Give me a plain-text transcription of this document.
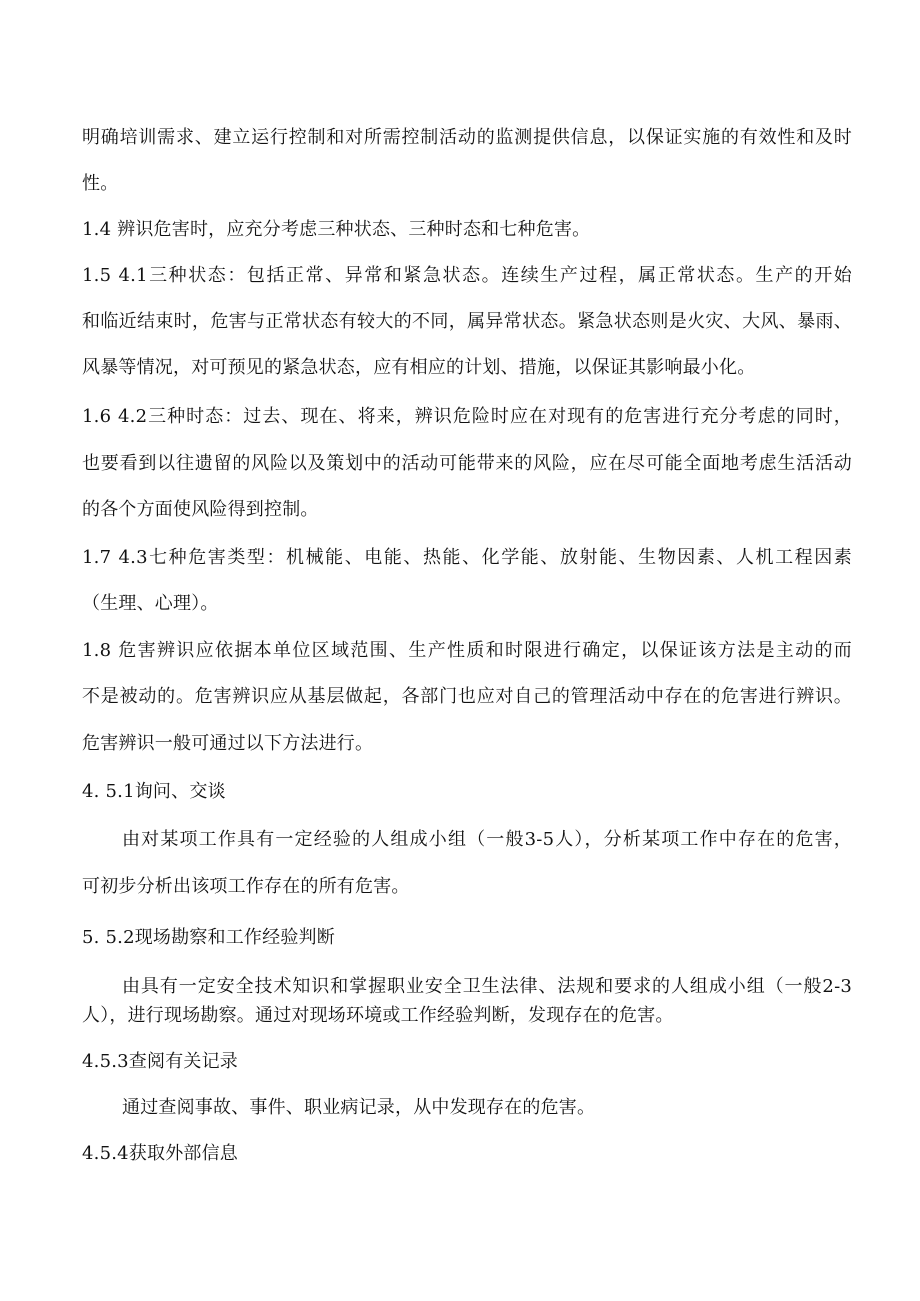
明确培训需求、建立运行控制和对所需控制活动的监测提供信息，以保证实施的有效性和及时
性。
1.4 辨识危害时，应充分考虑三种状态、三种时态和七种危害。
1.5 4.1三种状态：包括正常、异常和紧急状态。连续生产过程，属正常状态。生产的开始
和临近结束时，危害与正常状态有较大的不同，属异常状态。紧急状态则是火灾、大风、暴雨、
风暴等情况，对可预见的紧急状态，应有相应的计划、措施，以保证其影响最小化。
1.6 4.2三种时态：过去、现在、将来，辨识危险时应在对现有的危害进行充分考虑的同时，
也要看到以往遗留的风险以及策划中的活动可能带来的风险，应在尽可能全面地考虑生活活动
的各个方面使风险得到控制。
1.7 4.3七种危害类型：机械能、电能、热能、化学能、放射能、生物因素、人机工程因素
（生理、心理）。
1.8 危害辨识应依据本单位区域范围、生产性质和时限进行确定，以保证该方法是主动的而
不是被动的。危害辨识应从基层做起，各部门也应对自己的管理活动中存在的危害进行辨识。
危害辨识一般可通过以下方法进行。
4. 5.1询问、交谈
由对某项工作具有一定经验的人组成小组（一般3-5人），分析某项工作中存在的危害，
可初步分析出该项工作存在的所有危害。
5. 5.2现场勘察和工作经验判断
由具有一定安全技术知识和掌握职业安全卫生法律、法规和要求的人组成小组（一般2-3
人），进行现场勘察。通过对现场环境或工作经验判断，发现存在的危害。
4.5.3查阅有关记录
通过查阅事故、事件、职业病记录，从中发现存在的危害。
4.5.4获取外部信息
